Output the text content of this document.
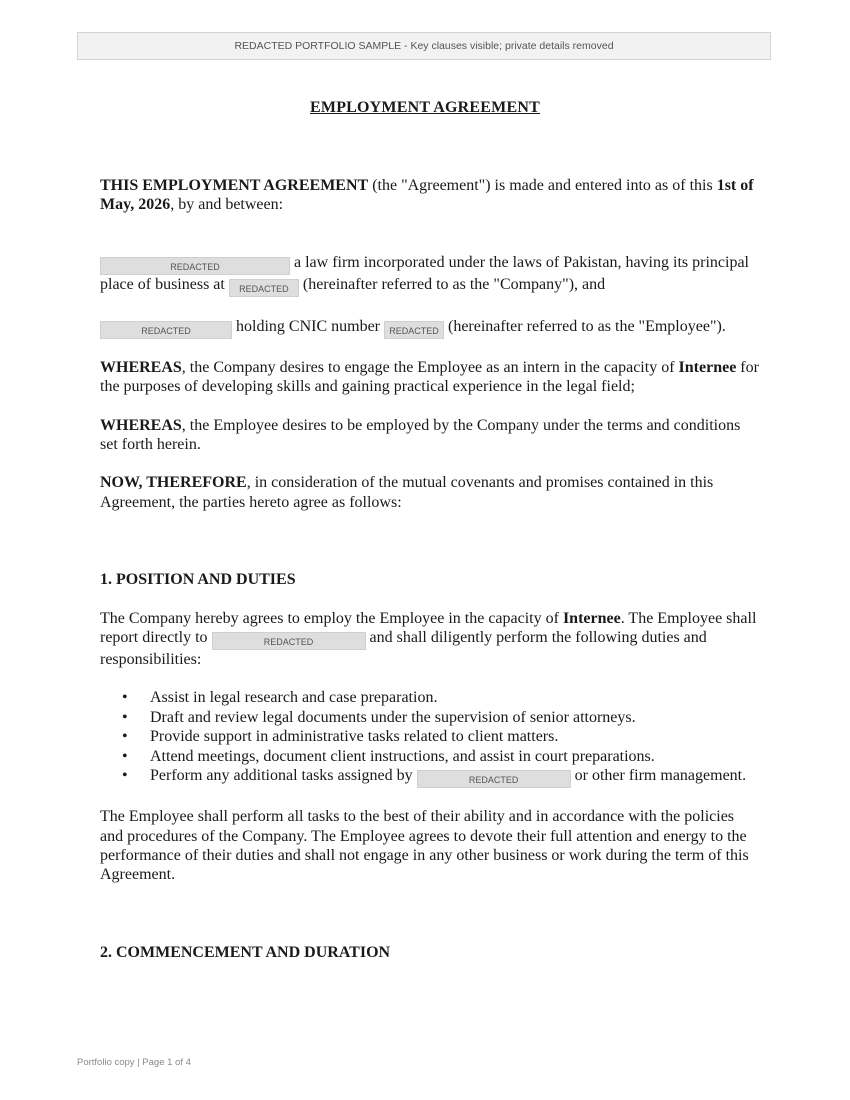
REDACTED PORTFOLIO SAMPLE - Key clauses visible; private details removed
EMPLOYMENT AGREEMENT

THIS EMPLOYMENT AGREEMENT (the "Agreement") is made and entered into as of this 1st of May, 2026, by and between:

REDACTED	a law firm incorporated under the laws of Pakistan, having its principal place of business at REDACTED (hereinafter referred to as the "Company"), and

REDACTED	holding CNIC number REDACTED (hereinafter referred to as the "Employee").

WHEREAS, the Company desires to engage the Employee as an intern in the capacity of Internee for the purposes of developing skills and gaining practical experience in the legal field;

WHEREAS, the Employee desires to be employed by the Company under the terms and conditions set forth herein.

NOW, THEREFORE, in consideration of the mutual covenants and promises contained in this Agreement, the parties hereto agree as follows:

1. POSITION AND DUTIES

The Company hereby agrees to employ the Employee in the capacity of Internee. The Employee shall report directly to	REDACTED	and shall diligently perform the following duties and responsibilities:

• Assist in legal research and case preparation.
• Draft and review legal documents under the supervision of senior attorneys.
• Provide support in administrative tasks related to client matters.
• Attend meetings, document client instructions, and assist in court preparations.
• Perform any additional tasks assigned by	REDACTED	or other firm management.

The Employee shall perform all tasks to the best of their ability and in accordance with the policies and procedures of the Company. The Employee agrees to devote their full attention and energy to the performance of their duties and shall not engage in any other business or work during the term of this Agreement.

2. COMMENCEMENT AND DURATION

Portfolio copy | Page 1 of 4
